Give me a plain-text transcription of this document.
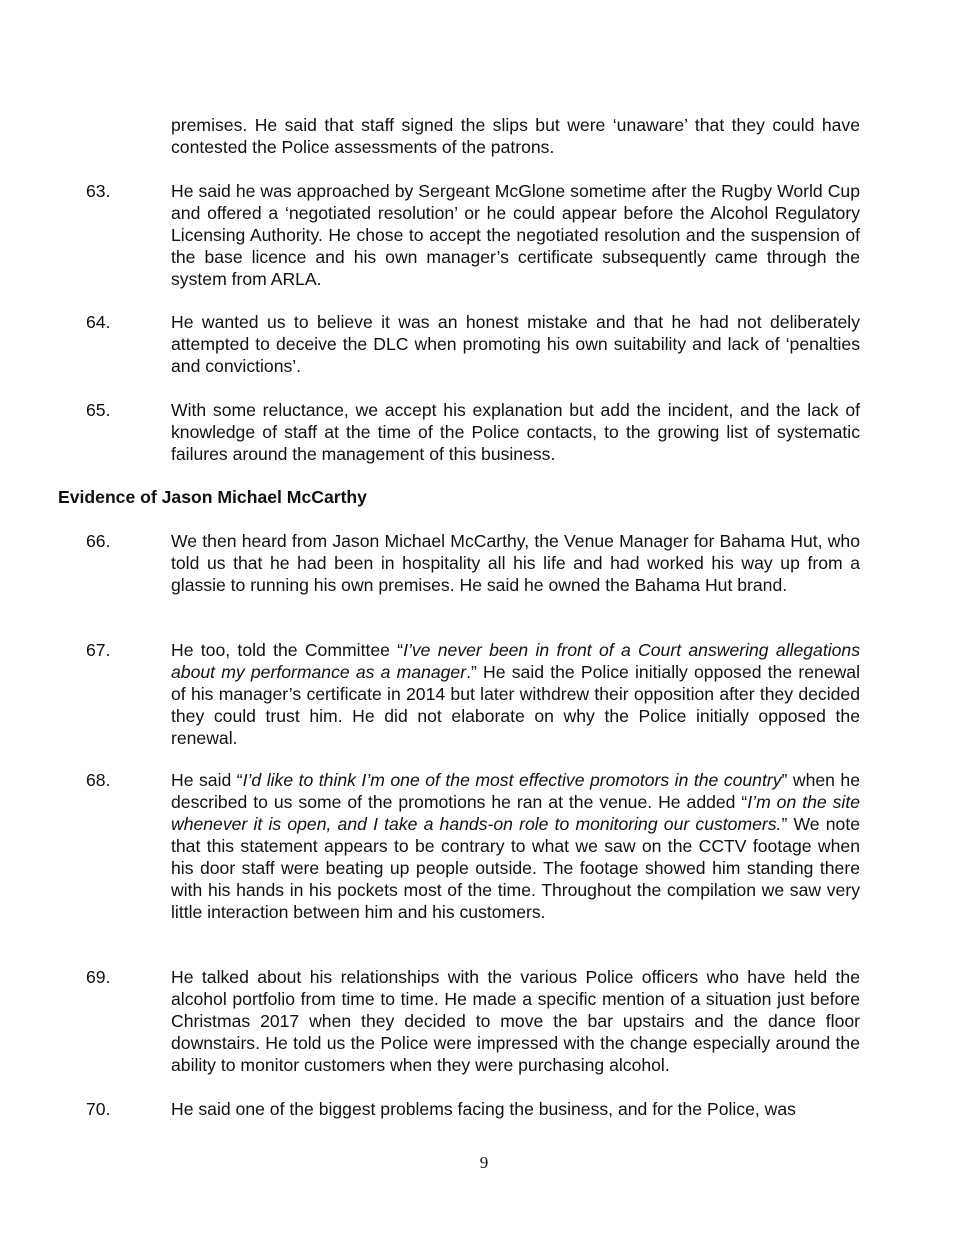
premises. He said that staff signed the slips but were ‘unaware’ that they could have contested the Police assessments of the patrons.
63.	He said he was approached by Sergeant McGlone sometime after the Rugby World Cup and offered a ‘negotiated resolution’ or he could appear before the Alcohol Regulatory Licensing Authority. He chose to accept the negotiated resolution and the suspension of the base licence and his own manager’s certificate subsequently came through the system from ARLA.
64.	He wanted us to believe it was an honest mistake and that he had not deliberately attempted to deceive the DLC when promoting his own suitability and lack of ‘penalties and convictions’.
65.	With some reluctance, we accept his explanation but add the incident, and the lack of knowledge of staff at the time of the Police contacts, to the growing list of systematic failures around the management of this business.
Evidence of Jason Michael McCarthy
66.	We then heard from Jason Michael McCarthy, the Venue Manager for Bahama Hut, who told us that he had been in hospitality all his life and had worked his way up from a glassie to running his own premises. He said he owned the Bahama Hut brand.
67.	He too, told the Committee “I’ve never been in front of a Court answering allegations about my performance as a manager.” He said the Police initially opposed the renewal of his manager’s certificate in 2014 but later withdrew their opposition after they decided they could trust him. He did not elaborate on why the Police initially opposed the renewal.
68.	He said “I’d like to think I’m one of the most effective promotors in the country” when he described to us some of the promotions he ran at the venue. He added “I’m on the site whenever it is open, and I take a hands-on role to monitoring our customers.” We note that this statement appears to be contrary to what we saw on the CCTV footage when his door staff were beating up people outside. The footage showed him standing there with his hands in his pockets most of the time. Throughout the compilation we saw very little interaction between him and his customers.
69.	He talked about his relationships with the various Police officers who have held the alcohol portfolio from time to time. He made a specific mention of a situation just before Christmas 2017 when they decided to move the bar upstairs and the dance floor downstairs. He told us the Police were impressed with the change especially around the ability to monitor customers when they were purchasing alcohol.
70.	He said one of the biggest problems facing the business, and for the Police, was
9
